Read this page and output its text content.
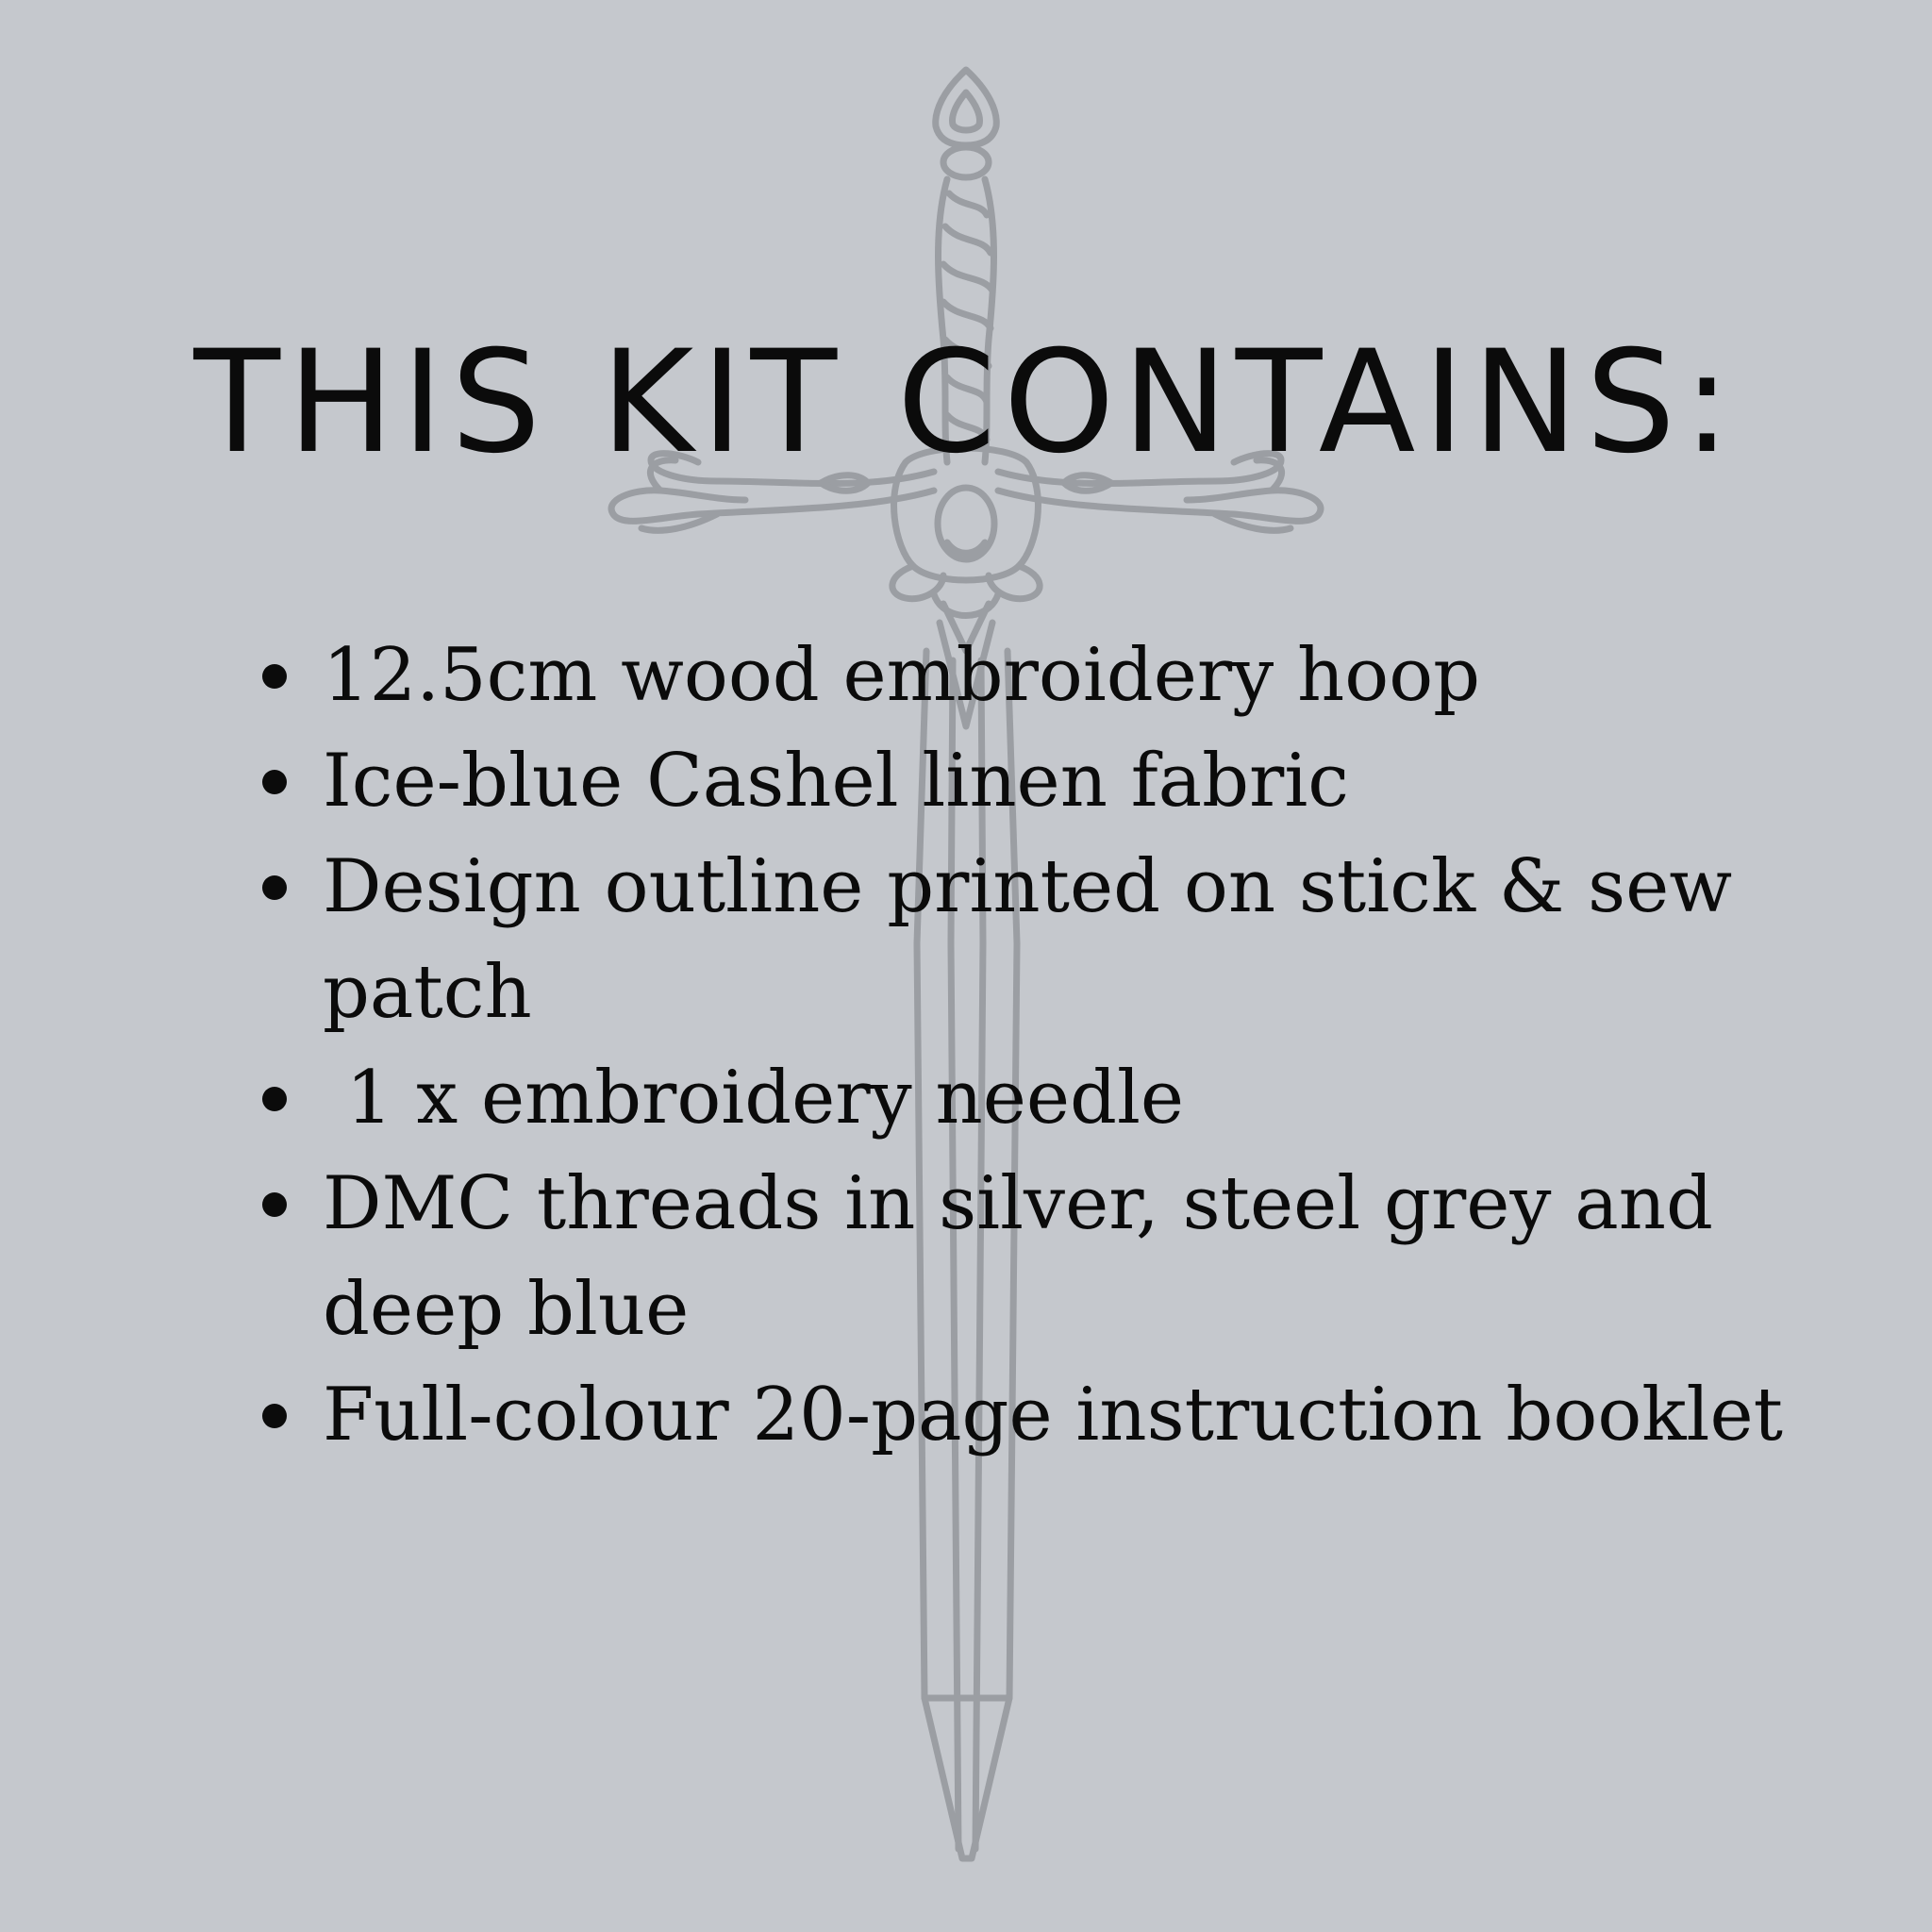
THIS KIT CONTAINS:
12.5cm wood embroidery hoop
Ice-blue Cashel linen fabric
Design outline printed on stick & sew patch
1 x embroidery needle
DMC threads in silver, steel grey and deep blue
Full-colour 20-page instruction booklet
